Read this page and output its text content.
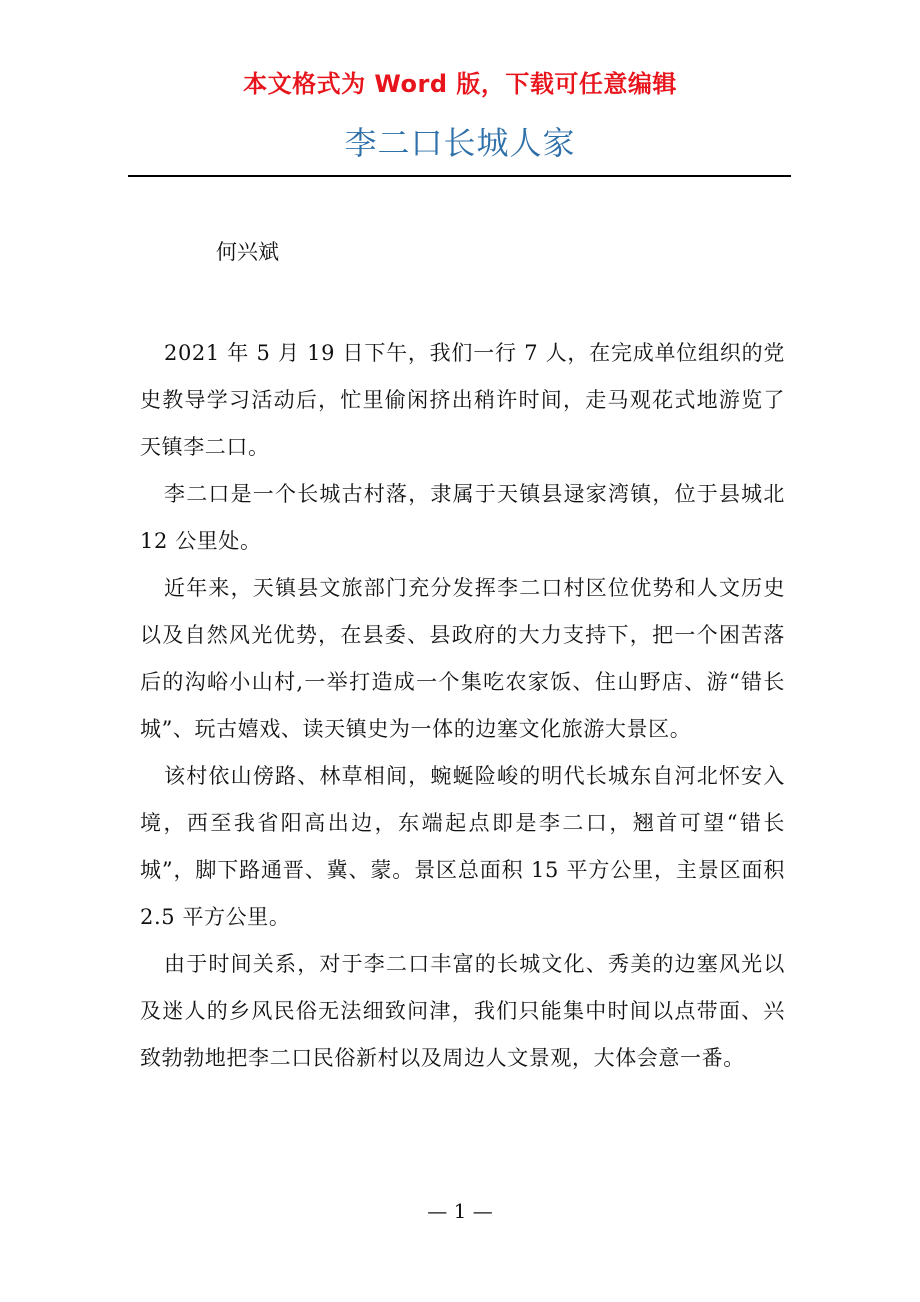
本文格式为 Word 版，下载可任意编辑
李二口长城人家
何兴斌

2021 年 5 月 19 日下午，我们一行 7 人，在完成单位组织的党史教导学习活动后，忙里偷闲挤出稍许时间，走马观花式地游览了天镇李二口。

李二口是一个长城古村落，隶属于天镇县逯家湾镇，位于县城北 12 公里处。

近年来，天镇县文旅部门充分发挥李二口村区位优势和人文历史以及自然风光优势，在县委、县政府的大力支持下，把一个困苦落后的沟峪小山村,一举打造成一个集吃农家饭、住山野店、游“错长城”、玩古嬉戏、读天镇史为一体的边塞文化旅游大景区。

该村依山傍路、林草相间，蜿蜒险峻的明代长城东自河北怀安入境，西至我省阳高出边，东端起点即是李二口，翘首可望“错长城”，脚下路通晋、冀、蒙。景区总面积 15 平方公里，主景区面积 2.5 平方公里。

由于时间关系，对于李二口丰富的长城文化、秀美的边塞风光以及迷人的乡风民俗无法细致问津，我们只能集中时间以点带面、兴致勃勃地把李二口民俗新村以及周边人文景观，大体会意一番。

— 1 —
